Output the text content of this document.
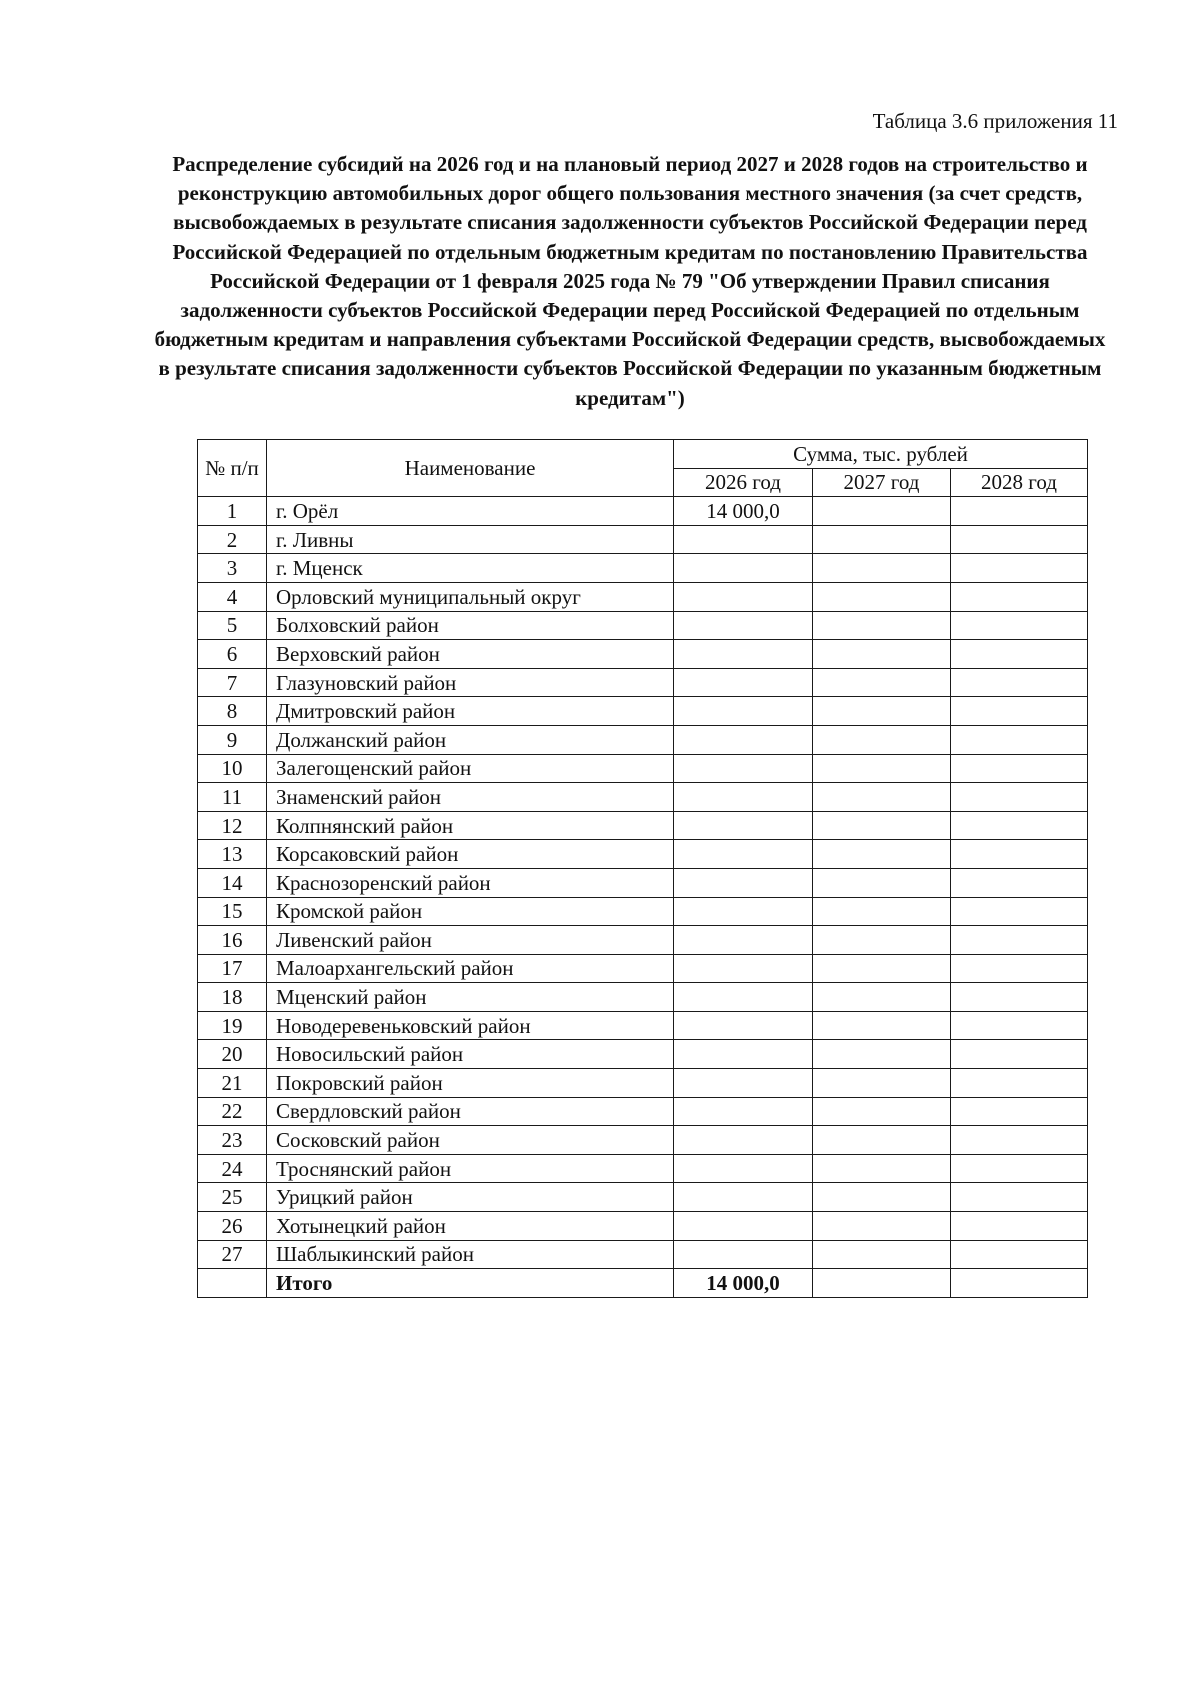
Таблица 3.6 приложения 11
Распределение субсидий на 2026 год и на плановый период 2027 и 2028 годов на строительство и реконструкцию автомобильных дорог общего пользования местного значения (за счет средств, высвобождаемых в результате списания задолженности субъектов Российской Федерации перед Российской Федерацией по отдельным бюджетным кредитам по постановлению Правительства Российской Федерации от 1 февраля 2025 года № 79 "Об утверждении Правил списания задолженности субъектов Российской Федерации перед Российской Федерацией по отдельным бюджетным кредитам и направления субъектами Российской Федерации средств, высвобождаемых в результате списания задолженности субъектов Российской Федерации по указанным бюджетным кредитам")
№ п/п	Наименование	Сумма, тыс. рублей		
		2026 год	2027 год	2028 год
1	г. Орёл	14 000,0		
2	г. Ливны			
3	г. Мценск			
4	Орловский муниципальный округ			
5	Болховский район			
6	Верховский район			
7	Глазуновский район			
8	Дмитровский район			
9	Должанский район			
10	Залегощенский район			
11	Знаменский район			
12	Колпнянский район			
13	Корсаковский район			
14	Краснозоренский район			
15	Кромской район			
16	Ливенский район			
17	Малоархангельский район			
18	Мценский район			
19	Новодеревеньковский район			
20	Новосильский район			
21	Покровский район			
22	Свердловский район			
23	Сосковский район			
24	Троснянский район			
25	Урицкий район			
26	Хотынецкий район			
27	Шаблыкинский район			
	Итого	14 000,0		
